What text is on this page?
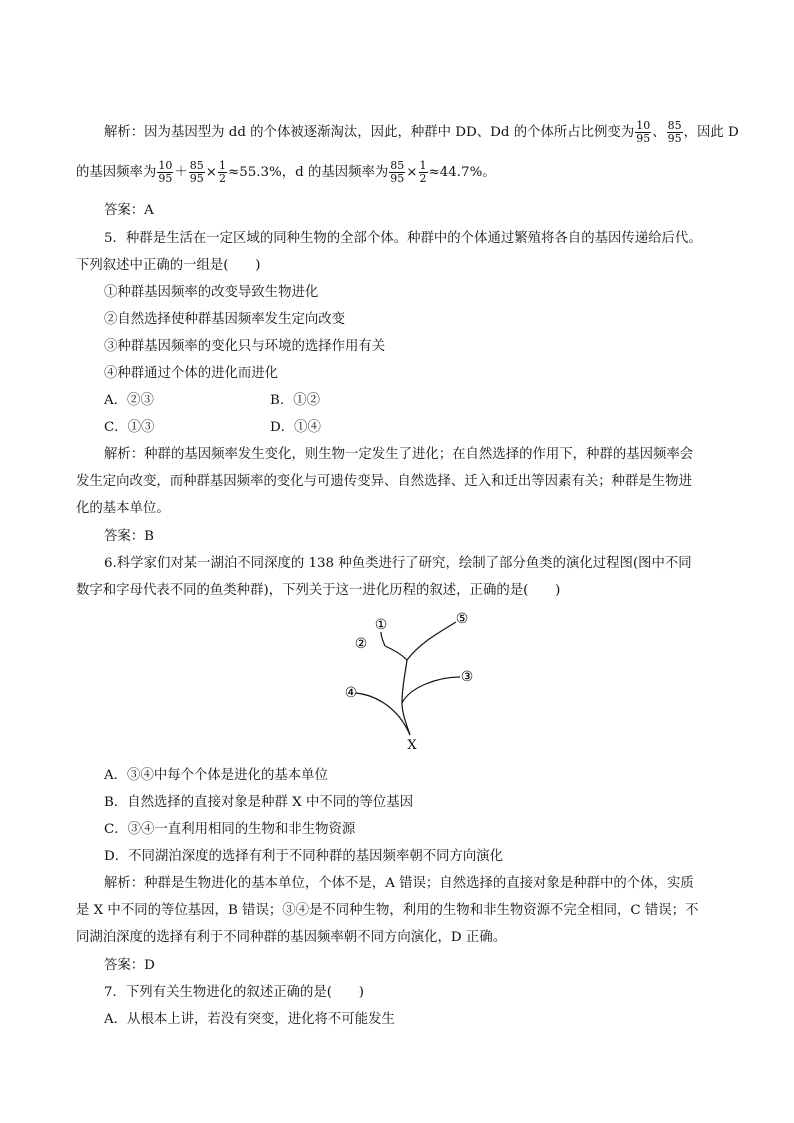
解析：因为基因型为 dd 的个体被逐渐淘汰，因此，种群中 DD、Dd 的个体所占比例变为 $\frac{10}{95}$ 、 $\frac{85}{95}$ ，因此 D
的基因频率为 $\frac{10}{95} + \frac{85}{95} \times \frac{1}{2} \approx 55.3\%$，d 的基因频率为 $\frac{85}{95} \times \frac{1}{2} \approx 44.7\%$。
答案：A
5．种群是生活在一定区域的同种生物的全部个体。种群中的个体通过繁殖将各自的基因传递给后代。
下列叙述中正确的一组是(　　)
①种群基因频率的改变导致生物进化
②自然选择使种群基因频率发生定向改变
③种群基因频率的变化只与环境的选择作用有关
④种群通过个体的进化而进化
A．②③	B．①②
C．①③	D．①④
解析：种群的基因频率发生变化，则生物一定发生了进化；在自然选择的作用下，种群的基因频率会
发生定向改变，而种群基因频率的变化与可遗传变异、自然选择、迁入和迁出等因素有关；种群是生物进
化的基本单位。
答案：B
6.科学家们对某一湖泊不同深度的 138 种鱼类进行了研究，绘制了部分鱼类的演化过程图(图中不同
数字和字母代表不同的鱼类种群)，下列关于这一进化历程的叙述，正确的是(　　)
①
②
⑤
③
④
X
A．③④中每个个体是进化的基本单位
B．自然选择的直接对象是种群 X 中不同的等位基因
C．③④一直利用相同的生物和非生物资源
D．不同湖泊深度的选择有利于不同种群的基因频率朝不同方向演化
解析：种群是生物进化的基本单位，个体不是，A 错误；自然选择的直接对象是种群中的个体，实质
是 X 中不同的等位基因，B 错误；③④是不同种生物，利用的生物和非生物资源不完全相同，C 错误；不
同湖泊深度的选择有利于不同种群的基因频率朝不同方向演化，D 正确。
答案：D
7．下列有关生物进化的叙述正确的是(　　)
A．从根本上讲，若没有突变，进化将不可能发生
